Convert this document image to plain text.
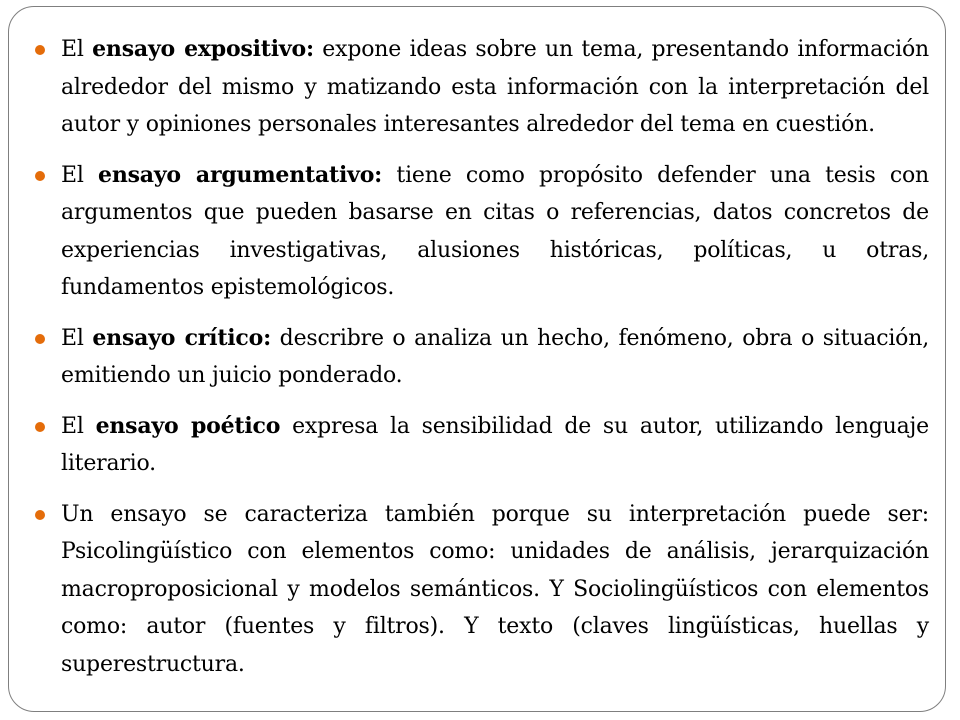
El ensayo expositivo: expone ideas sobre un tema, presentando información alrededor del mismo y matizando esta información con la interpretación del autor y opiniones personales interesantes alrededor del tema en cuestión.
El ensayo argumentativo: tiene como propósito defender una tesis con argumentos que pueden basarse en citas o referencias, datos concretos de experiencias investigativas, alusiones históricas, políticas, u otras, fundamentos epistemológicos.
El ensayo crítico: describre o analiza un hecho, fenómeno, obra o situación, emitiendo un juicio ponderado.
El ensayo poético expresa la sensibilidad de su autor, utilizando lenguaje literario.
Un ensayo se caracteriza también porque su interpretación puede ser: Psicolingüístico con elementos como: unidades de análisis, jerarquización macroproposicional y modelos semánticos. Y Sociolingüísticos con elementos como: autor (fuentes y filtros). Y texto (claves lingüísticas, huellas y superestructura.
